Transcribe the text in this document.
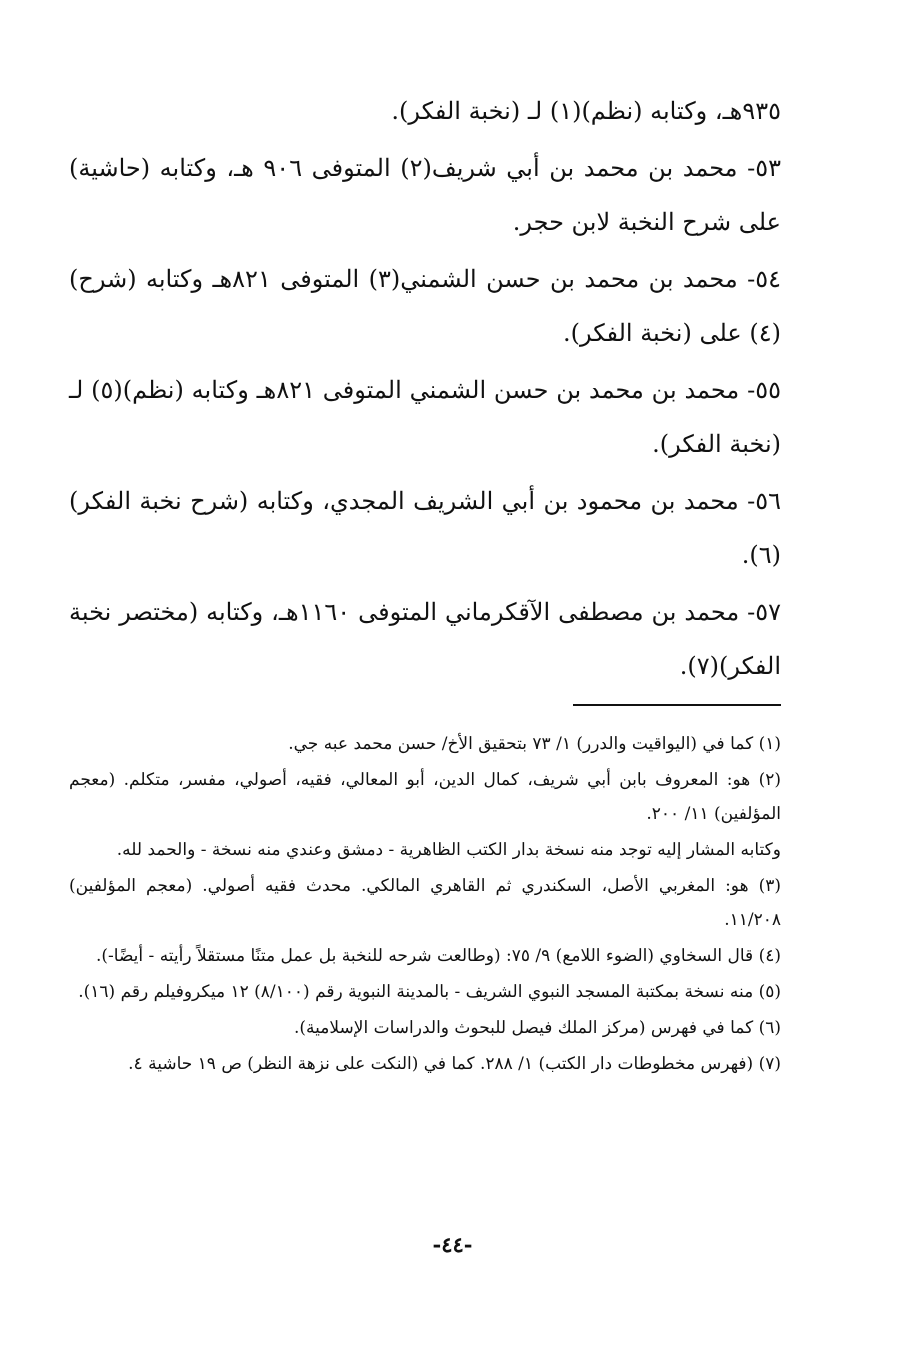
٩٣٥هـ، وكتابه (نظم)(١) لـ (نخبة الفكر).

٥٣- محمد بن محمد بن أبي شريف(٢) المتوفى ٩٠٦ هـ، وكتابه (حاشية) على شرح النخبة لابن حجر.

٥٤- محمد بن محمد بن حسن الشمني(٣) المتوفى ٨٢١هـ وكتابه (شرح)(٤) على (نخبة الفكر).

٥٥- محمد بن محمد بن حسن الشمني المتوفى ٨٢١هـ وكتابه (نظم)(٥) لـ (نخبة الفكر).

٥٦- محمد بن محمود بن أبي الشريف المجدي، وكتابه (شرح نخبة الفكر)(٦).

٥٧- محمد بن مصطفى الآقكرماني المتوفى ١١٦٠هـ، وكتابه (مختصر نخبة الفكر)(٧).

(١) كما في (اليواقيت والدرر) ١/ ٧٣ بتحقيق الأخ/ حسن محمد عبه جي.

(٢) هو: المعروف بابن أبي شريف، كمال الدين، أبو المعالي، فقيه، أصولي، مفسر، متكلم. (معجم المؤلفين) ١١/ ٢٠٠.

وكتابه المشار إليه توجد منه نسخة بدار الكتب الظاهرية - دمشق وعندي منه نسخة - والحمد لله.

(٣) هو: المغربي الأصل، السكندري ثم القاهري المالكي. محدث فقيه أصولي. (معجم المؤلفين) ١١/٢٠٨.

(٤) قال السخاوي (الضوء اللامع) ٩/ ٧٥: (وطالعت شرحه للنخبة بل عمل متنًا مستقلاً رأيته - أيضًا-).

(٥) منه نسخة بمكتبة المسجد النبوي الشريف - بالمدينة النبوية رقم (٨/١٠٠) ١٢ ميكروفيلم رقم (١٦).

(٦) كما في فهرس (مركز الملك فيصل للبحوث والدراسات الإسلامية).

(٧) (فهرس مخطوطات دار الكتب) ١/ ٢٨٨. كما في (النكت على نزهة النظر) ص ١٩ حاشية ٤.

-٤٤-
